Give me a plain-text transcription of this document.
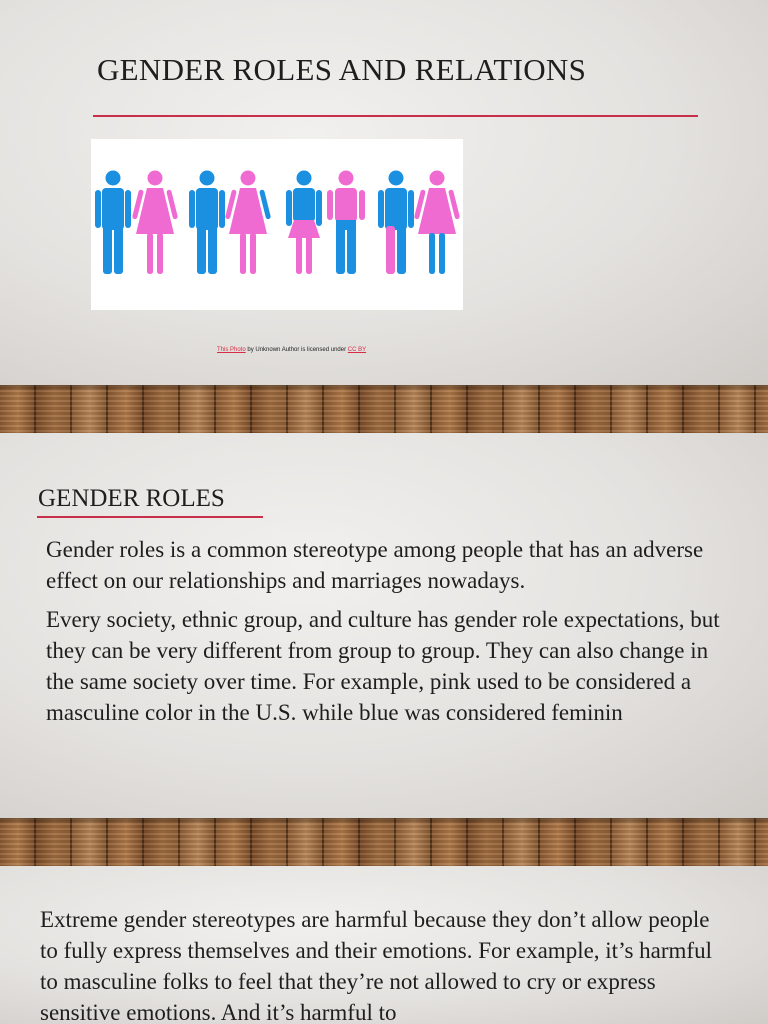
GENDER ROLES AND RELATIONS
This Photo by Unknown Author is licensed under CC BY
GENDER ROLES

Gender roles is a common stereotype among people that has an adverse effect on our relationships and marriages nowadays.

Every society, ethnic group, and culture has gender role expectations, but they can be very different from group to group. They can also change in the same society over time. For example, pink used to be considered a masculine color in the U.S. while blue was considered feminin

Extreme gender stereotypes are harmful because they don’t allow people to fully express themselves and their emotions. For example, it’s harmful to masculine folks to feel that they’re not allowed to cry or express sensitive emotions. And it’s harmful to
